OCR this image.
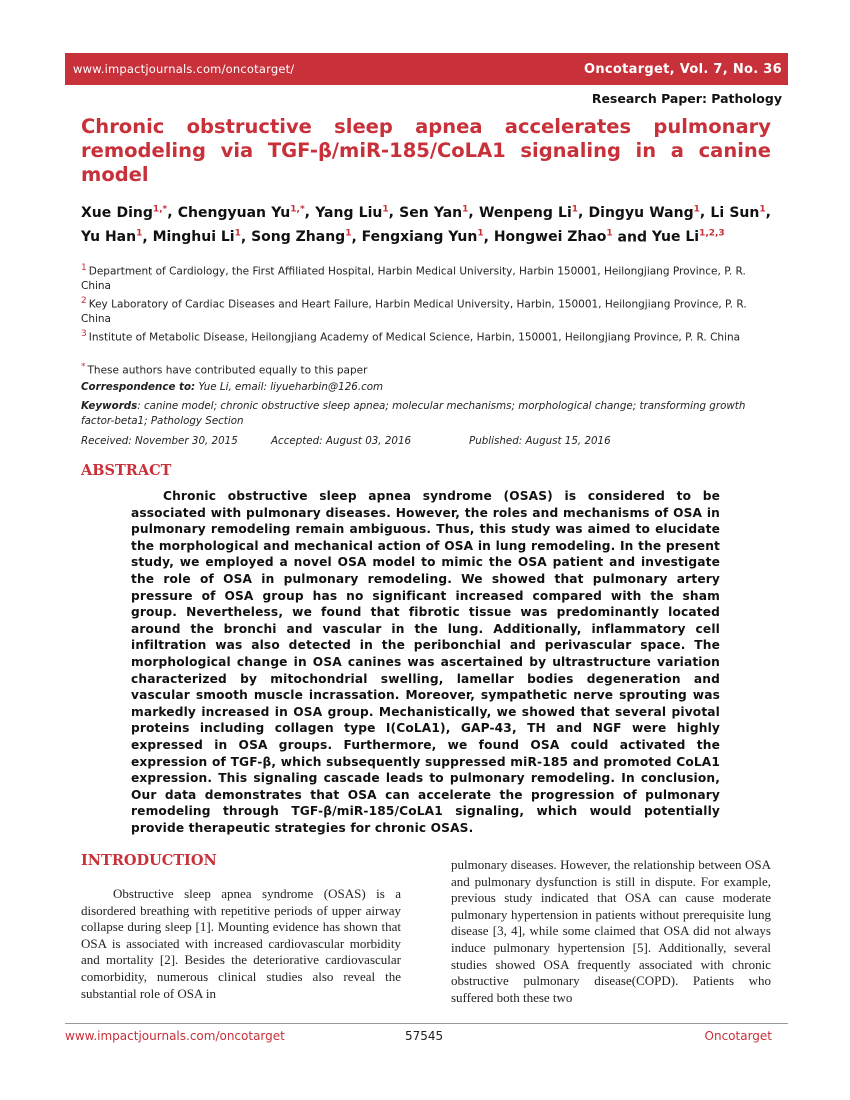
www.impactjournals.com/oncotarget/	Oncotarget, Vol. 7, No. 36
Research Paper: Pathology
Chronic obstructive sleep apnea accelerates pulmonary remodeling via TGF-β/miR-185/CoLA1 signaling in a canine model
Xue Ding$^{1,*}$, Chengyuan $Yu^{1,*}$, Yang Liu$^1$, Sen Yan$^1$, Wenpeng Li$^1$, Dingyu Wang$^1$, Li Sun$^1$, Yu Han$^1$, Minghui Li$^1$, Song Zhang$^1$, Fengxiang Yun$^1$, Hongwei Zhao$^1$ and Yue Li$^{1,2,3}$
$^1$ Department of Cardiology, the First Affiliated Hospital, Harbin Medical University, Harbin 150001, Heilongjiang Province, P. R. China
$^2$ Key Laboratory of Cardiac Diseases and Heart Failure, Harbin Medical University, Harbin, 150001, Heilongjiang Province, P. R. China
$^3$ Institute of Metabolic Disease, Heilongjiang Academy of Medical Science, Harbin, 150001, Heilongjiang Province, P. R. China
* These authors have contributed equally to this paper
Correspondence to: Yue Li, email: liyueharbin@126.com
Keywords: canine model; chronic obstructive sleep apnea; molecular mechanisms; morphological change; transforming growth factor-beta1; Pathology Section
Received: November 30, 2015	Accepted: August 03, 2016	Published: August 15, 2016
ABSTRACT

Chronic obstructive sleep apnea syndrome (OSAS) is considered to be associated with pulmonary diseases. However, the roles and mechanisms of OSA in pulmonary remodeling remain ambiguous. Thus, this study was aimed to elucidate the morphological and mechanical action of OSA in lung remodeling. In the present study, we employed a novel OSA model to mimic the OSA patient and investigate the role of OSA in pulmonary remodeling. We showed that pulmonary artery pressure of OSA group has no significant increased compared with the sham group. Nevertheless, we found that fibrotic tissue was predominantly located around the bronchi and vascular in the lung. Additionally, inflammatory cell infiltration was also detected in the peribonchial and perivascular space. The morphological change in OSA canines was ascertained by ultrastructure variation characterized by mitochondrial swelling, lamellar bodies degeneration and vascular smooth muscle incrassation. Moreover, sympathetic nerve sprouting was markedly increased in OSA group. Mechanistically, we showed that several pivotal proteins including collagen type I(CoLA1), GAP-43, TH and NGF were highly expressed in OSA groups. Furthermore, we found OSA could activated the expression of TGF-β, which subsequently suppressed miR-185 and promoted CoLA1 expression. This signaling cascade leads to pulmonary remodeling. In conclusion, Our data demonstrates that OSA can accelerate the progression of pulmonary remodeling through TGF-β/miR-185/CoLA1 signaling, which would potentially provide therapeutic strategies for chronic OSAS.

INTRODUCTION

Obstructive sleep apnea syndrome (OSAS) is a disordered breathing with repetitive periods of upper airway collapse during sleep [1]. Mounting evidence has shown that OSA is associated with increased cardiovascular morbidity and mortality [2]. Besides the deteriorative cardiovascular comorbidity, numerous clinical studies also reveal the substantial role of OSA in

pulmonary diseases. However, the relationship between OSA and pulmonary dysfunction is still in dispute. For example, previous study indicated that OSA can cause moderate pulmonary hypertension in patients without prerequisite lung disease [3, 4], while some claimed that OSA did not always induce pulmonary hypertension [5]. Additionally, several studies showed OSA frequently associated with chronic obstructive pulmonary disease(COPD). Patients who suffered both these two

www.impactjournals.com/oncotarget	57545	Oncotarget
